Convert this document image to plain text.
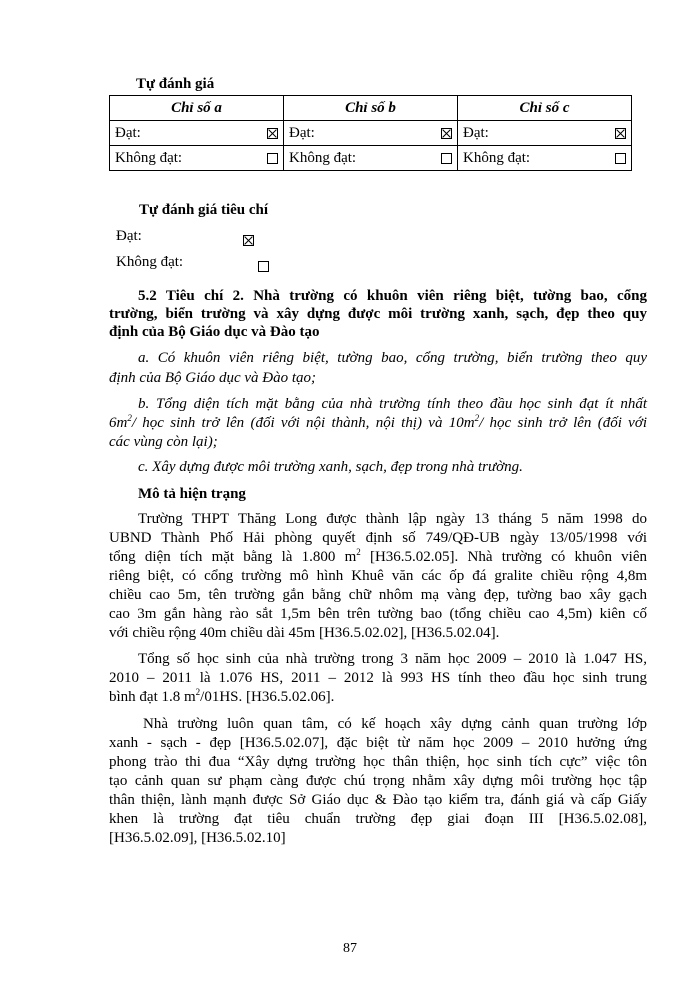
Tự đánh giá
Chỉ số a	Chỉ số b	Chỉ số c

Đạt:	Đạt:	Đạt:

Không đạt:	Không đạt:	Không đạt:
Tự đánh giá tiêu chí
Đạt:

Không đạt:
5.2 Tiêu chí 2. Nhà trường có khuôn viên riêng biệt, tường bao, cổng
trường, biển trường và xây dựng được môi trường xanh, sạch, đẹp theo quy
định của Bộ Giáo dục và Đào tạo
a. Có khuôn viên riêng biệt, tường bao, cổng trường, biển trường theo quy
định của Bộ Giáo dục và Đào tạo;
b. Tổng diện tích mặt bằng của nhà trường tính theo đầu học sinh đạt ít nhất
$6m^2/$ học sinh trở lên (đối với nội thành, nội thị) và $10m^2/$ học sinh trở lên (đối với
các vùng còn lại);
c. Xây dựng được môi trường xanh, sạch, đẹp trong nhà trường.
Mô tả hiện trạng
Trường THPT Thăng Long được thành lập ngày 13 tháng 5 năm 1998 do
UBND Thành Phố Hải phòng quyết định số 749/QĐ-UB ngày 13/05/1998 với
tổng diện tích mặt bằng là 1.800 $m^2$ [H36.5.02.05]. Nhà trường có khuôn viên
riêng biệt, có cổng trường mô hình Khuê văn các ốp đá gralite chiều rộng 4,8m
chiều cao 5m, tên trường gắn bằng chữ nhôm mạ vàng đẹp, tường bao xây gạch
cao 3m gắn hàng rào sắt 1,5m bên trên tường bao (tổng chiều cao 4,5m) kiên cố
với chiều rộng 40m chiều dài 45m [H36.5.02.02], [H36.5.02.04].
Tổng số học sinh của nhà trường trong 3 năm học 2009 – 2010 là 1.047 HS,
2010 – 2011 là 1.076 HS, 2011 – 2012 là 993 HS tính theo đầu học sinh trung
bình đạt 1.8 $m^2/01HS$. [H36.5.02.06].
Nhà trường luôn quan tâm, có kế hoạch xây dựng cảnh quan trường lớp
xanh - sạch - đẹp [H36.5.02.07], đặc biệt từ năm học 2009 – 2010 hưởng ứng
phong trào thi đua “Xây dựng trường học thân thiện, học sinh tích cực” việc tôn
tạo cảnh quan sư phạm càng được chú trọng nhằm xây dựng môi trường học tập
thân thiện, lành mạnh được Sở Giáo dục & Đào tạo kiểm tra, đánh giá và cấp Giấy
khen là trường đạt tiêu chuẩn trường đẹp giai đoạn III [H36.5.02.08],
[H36.5.02.09], [H36.5.02.10]
87
